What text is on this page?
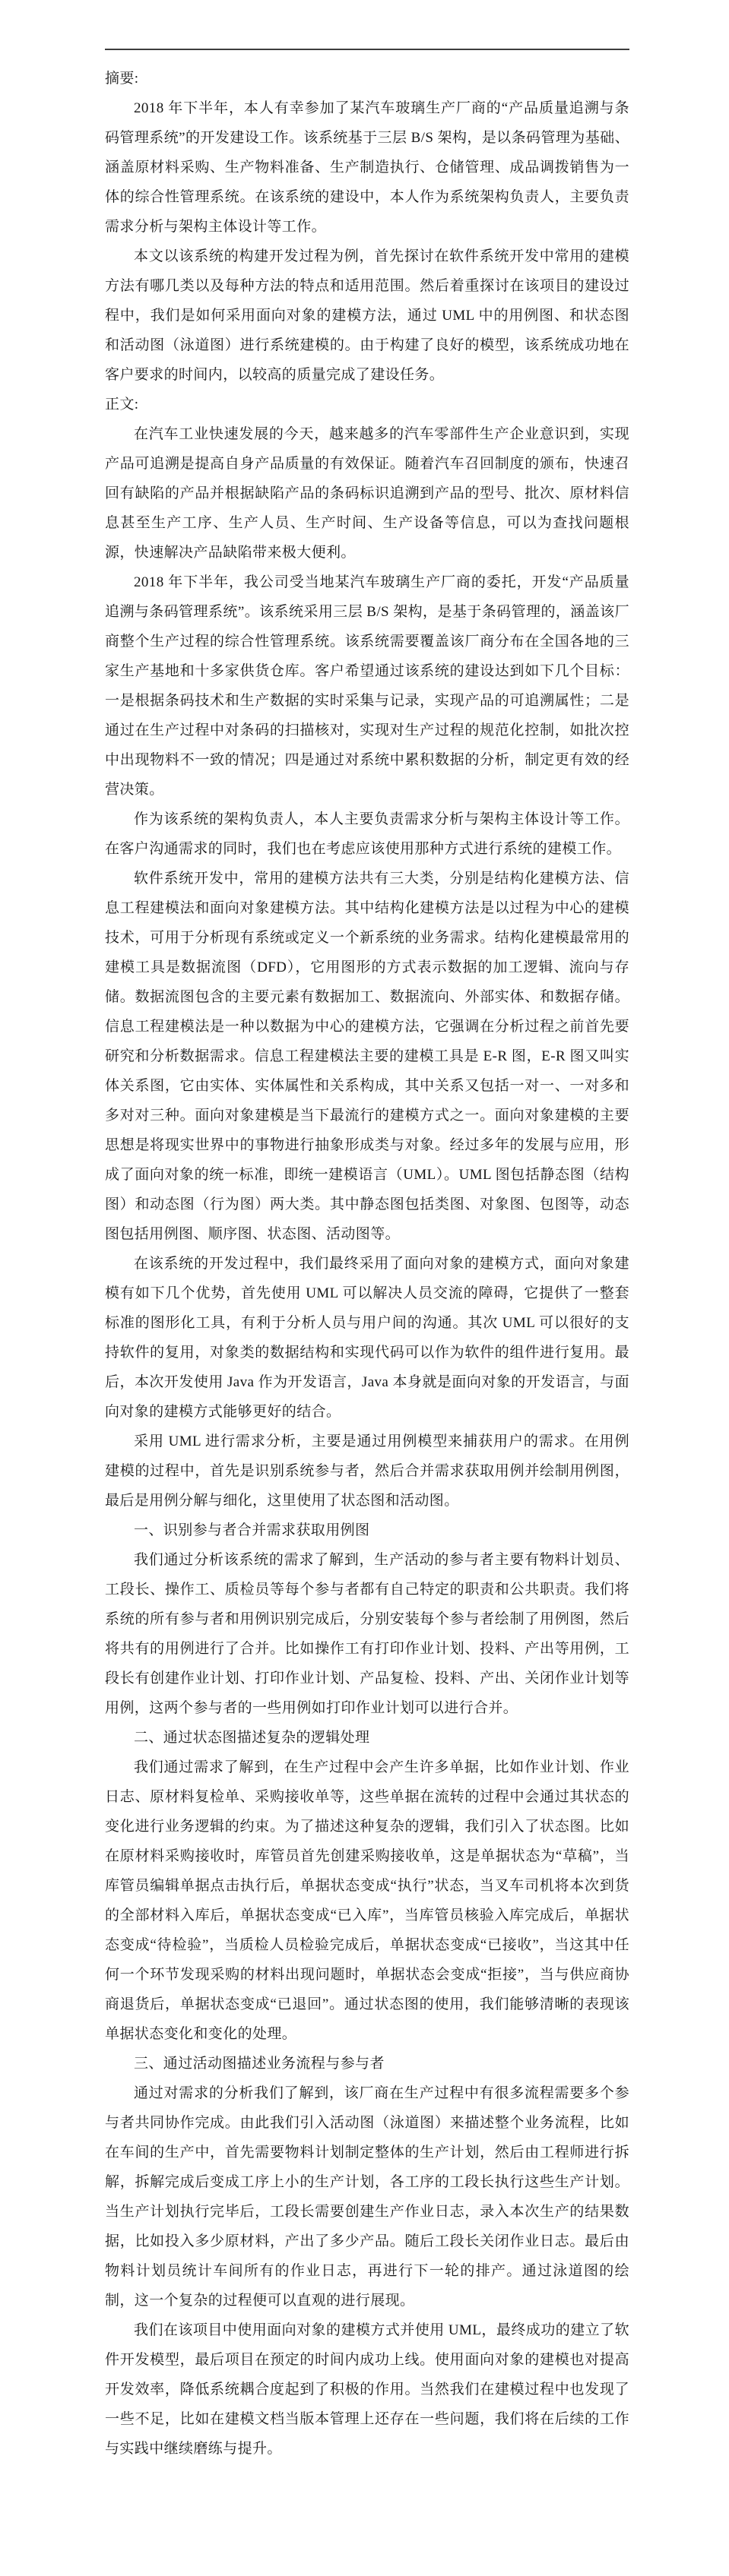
摘要:

2018 年下半年，本人有幸参加了某汽车玻璃生产厂商的“产品质量追溯与条码管理系统”的开发建设工作。该系统基于三层 B/S 架构，是以条码管理为基础、涵盖原材料采购、生产物料准备、生产制造执行、仓储管理、成品调拨销售为一体的综合性管理系统。在该系统的建设中，本人作为系统架构负责人，主要负责需求分析与架构主体设计等工作。

本文以该系统的构建开发过程为例，首先探讨在软件系统开发中常用的建模方法有哪几类以及每种方法的特点和适用范围。然后着重探讨在该项目的建设过程中，我们是如何采用面向对象的建模方法，通过 UML 中的用例图、和状态图和活动图（泳道图）进行系统建模的。由于构建了良好的模型，该系统成功地在客户要求的时间内，以较高的质量完成了建设任务。

正文:

在汽车工业快速发展的今天，越来越多的汽车零部件生产企业意识到，实现产品可追溯是提高自身产品质量的有效保证。随着汽车召回制度的颁布，快速召回有缺陷的产品并根据缺陷产品的条码标识追溯到产品的型号、批次、原材料信息甚至生产工序、生产人员、生产时间、生产设备等信息，可以为查找问题根源，快速解决产品缺陷带来极大便利。

2018 年下半年，我公司受当地某汽车玻璃生产厂商的委托，开发“产品质量追溯与条码管理系统”。该系统采用三层 B/S 架构，是基于条码管理的，涵盖该厂商整个生产过程的综合性管理系统。该系统需要覆盖该厂商分布在全国各地的三家生产基地和十多家供货仓库。客户希望通过该系统的建设达到如下几个目标：一是根据条码技术和生产数据的实时采集与记录，实现产品的可追溯属性；二是通过在生产过程中对条码的扫描核对，实现对生产过程的规范化控制，如批次控中出现物料不一致的情况；四是通过对系统中累积数据的分析，制定更有效的经营决策。

作为该系统的架构负责人，本人主要负责需求分析与架构主体设计等工作。在客户沟通需求的同时，我们也在考虑应该使用那种方式进行系统的建模工作。

软件系统开发中，常用的建模方法共有三大类，分别是结构化建模方法、信息工程建模法和面向对象建模方法。其中结构化建模方法是以过程为中心的建模技术，可用于分析现有系统或定义一个新系统的业务需求。结构化建模最常用的建模工具是数据流图（DFD），它用图形的方式表示数据的加工逻辑、流向与存储。数据流图包含的主要元素有数据加工、数据流向、外部实体、和数据存储。信息工程建模法是一种以数据为中心的建模方法，它强调在分析过程之前首先要研究和分析数据需求。信息工程建模法主要的建模工具是 E-R 图，E-R 图又叫实体关系图，它由实体、实体属性和关系构成，其中关系又包括一对一、一对多和多对对三种。面向对象建模是当下最流行的建模方式之一。面向对象建模的主要思想是将现实世界中的事物进行抽象形成类与对象。经过多年的发展与应用，形成了面向对象的统一标准，即统一建模语言（UML）。UML 图包括静态图（结构图）和动态图（行为图）两大类。其中静态图包括类图、对象图、包图等，动态图包括用例图、顺序图、状态图、活动图等。

在该系统的开发过程中，我们最终采用了面向对象的建模方式，面向对象建模有如下几个优势，首先使用 UML 可以解决人员交流的障碍，它提供了一整套标准的图形化工具，有利于分析人员与用户间的沟通。其次 UML 可以很好的支持软件的复用，对象类的数据结构和实现代码可以作为软件的组件进行复用。最后，本次开发使用 Java 作为开发语言，Java 本身就是面向对象的开发语言，与面向对象的建模方式能够更好的结合。

采用 UML 进行需求分析，主要是通过用例模型来捕获用户的需求。在用例建模的过程中，首先是识别系统参与者，然后合并需求获取用例并绘制用例图，最后是用例分解与细化，这里使用了状态图和活动图。

一、识别参与者合并需求获取用例图

我们通过分析该系统的需求了解到，生产活动的参与者主要有物料计划员、工段长、操作工、质检员等每个参与者都有自己特定的职责和公共职责。我们将系统的所有参与者和用例识别完成后，分别安装每个参与者绘制了用例图，然后将共有的用例进行了合并。比如操作工有打印作业计划、投料、产出等用例，工段长有创建作业计划、打印作业计划、产品复检、投料、产出、关闭作业计划等用例，这两个参与者的一些用例如打印作业计划可以进行合并。

二、通过状态图描述复杂的逻辑处理

我们通过需求了解到，在生产过程中会产生许多单据，比如作业计划、作业日志、原材料复检单、采购接收单等，这些单据在流转的过程中会通过其状态的变化进行业务逻辑的约束。为了描述这种复杂的逻辑，我们引入了状态图。比如在原材料采购接收时，库管员首先创建采购接收单，这是单据状态为“草稿”，当库管员编辑单据点击执行后，单据状态变成“执行”状态，当叉车司机将本次到货的全部材料入库后，单据状态变成“已入库”，当库管员核验入库完成后，单据状态变成“待检验”，当质检人员检验完成后，单据状态变成“已接收”，当这其中任何一个环节发现采购的材料出现问题时，单据状态会变成“拒接”，当与供应商协商退货后，单据状态变成“已退回”。通过状态图的使用，我们能够清晰的表现该单据状态变化和变化的处理。

三、通过活动图描述业务流程与参与者

通过对需求的分析我们了解到，该厂商在生产过程中有很多流程需要多个参与者共同协作完成。由此我们引入活动图（泳道图）来描述整个业务流程，比如在车间的生产中，首先需要物料计划制定整体的生产计划，然后由工程师进行拆解，拆解完成后变成工序上小的生产计划，各工序的工段长执行这些生产计划。当生产计划执行完毕后，工段长需要创建生产作业日志，录入本次生产的结果数据，比如投入多少原材料，产出了多少产品。随后工段长关闭作业日志。最后由物料计划员统计车间所有的作业日志，再进行下一轮的排产。通过泳道图的绘制，这一个复杂的过程便可以直观的进行展现。

我们在该项目中使用面向对象的建模方式并使用 UML，最终成功的建立了软件开发模型，最后项目在预定的时间内成功上线。使用面向对象的建模也对提高开发效率，降低系统耦合度起到了积极的作用。当然我们在建模过程中也发现了一些不足，比如在建模文档当版本管理上还存在一些问题，我们将在后续的工作与实践中继续磨练与提升。
